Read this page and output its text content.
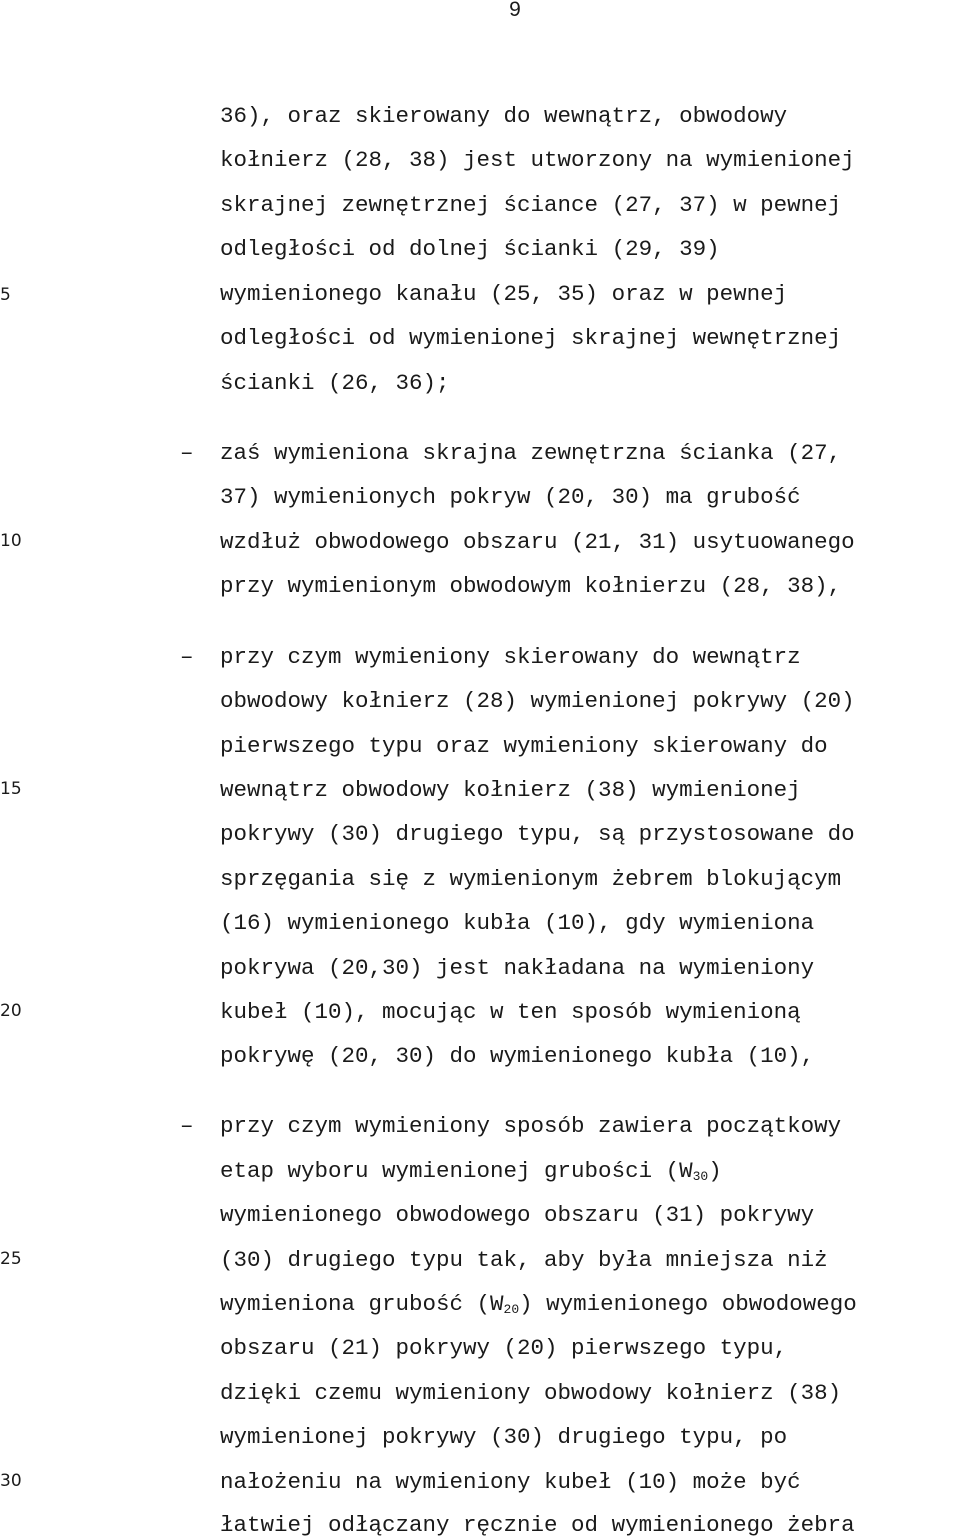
9
5
10
15
20
25
30
36), oraz skierowany do wewnątrz, obwodowy
kołnierz (28, 38) jest utworzony na wymienionej
skrajnej zewnętrznej ściance (27, 37) w pewnej
odległości od dolnej ścianki (29, 39)
wymienionego kanału (25, 35) oraz w pewnej
odległości od wymienionej skrajnej wewnętrznej
ścianki (26, 36);
– zaś wymieniona skrajna zewnętrzna ścianka (27,
37) wymienionych pokryw (20, 30) ma grubość
wzdłuż obwodowego obszaru (21, 31) usytuowanego
przy wymienionym obwodowym kołnierzu (28, 38),
– przy czym wymieniony skierowany do wewnątrz
obwodowy kołnierz (28) wymienionej pokrywy (20)
pierwszego typu oraz wymieniony skierowany do
wewnątrz obwodowy kołnierz (38) wymienionej
pokrywy (30) drugiego typu, są przystosowane do
sprzęgania się z wymienionym żebrem blokującym
(16) wymienionego kubła (10), gdy wymieniona
pokrywa (20,30) jest nakładana na wymieniony
kubeł (10), mocując w ten sposób wymienioną
pokrywę (20, 30) do wymienionego kubła (10),
– przy czym wymieniony sposób zawiera początkowy
etap wyboru wymienionej grubości $(W_{30})$
wymienionego obwodowego obszaru (31) pokrywy
(30) drugiego typu tak, aby była mniejsza niż
wymieniona grubość $(W_{20})$ wymienionego obwodowego
obszaru (21) pokrywy (20) pierwszego typu,
dzięki czemu wymieniony obwodowy kołnierz (38)
wymienionej pokrywy (30) drugiego typu, po
nałożeniu na wymieniony kubeł (10) może być
łatwiej odłączany ręcznie od wymienionego żebra
